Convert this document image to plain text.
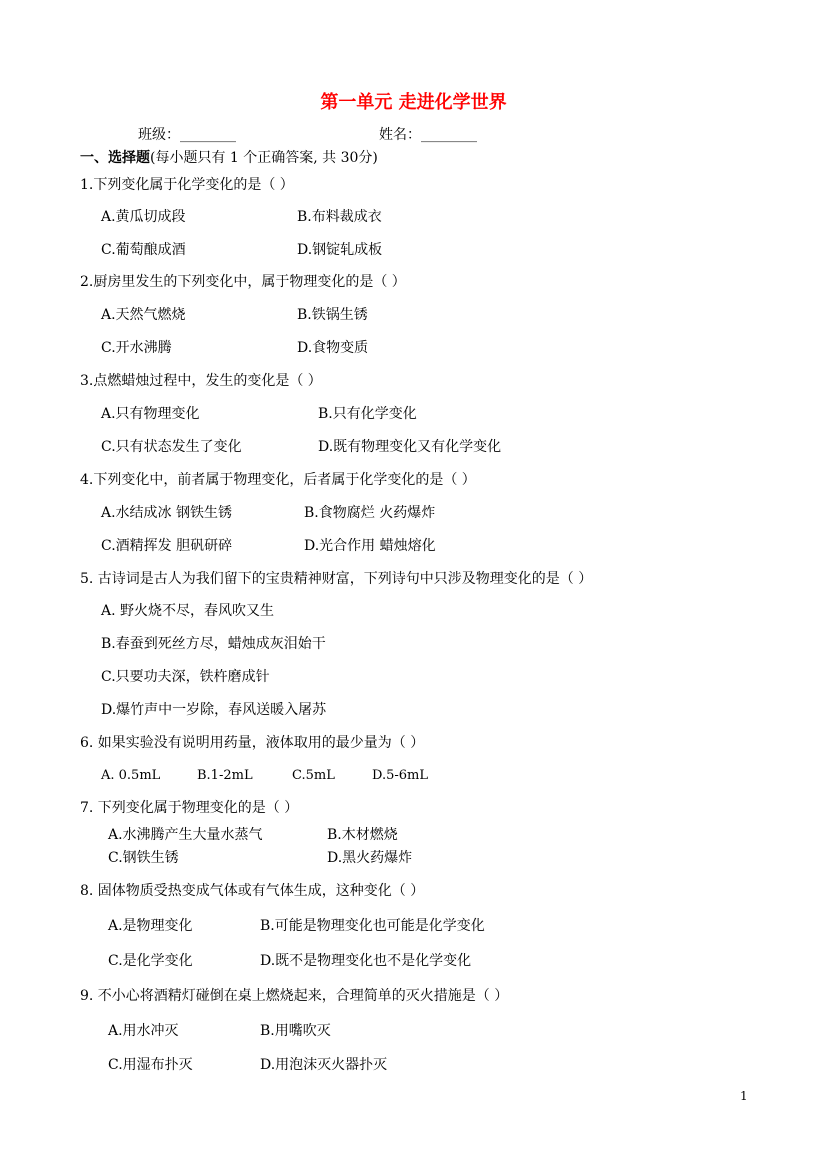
第一单元 走进化学世界
班级：________	姓名：________
一、选择题(每小题只有 1 个正确答案, 共 30分)
1.下列变化属于化学变化的是（ ）
A.黄瓜切成段	B.布料裁成衣
C.葡萄酿成酒	D.钢锭轧成板
2.厨房里发生的下列变化中，属于物理变化的是（ ）
A.天然气燃烧	B.铁锅生锈
C.开水沸腾	D.食物变质
3.点燃蜡烛过程中，发生的变化是（ ）
A.只有物理变化	B.只有化学变化
C.只有状态发生了变化	D.既有物理变化又有化学变化
4.下列变化中，前者属于物理变化，后者属于化学变化的是（ ）
A.水结成冰 钢铁生锈	B.食物腐烂 火药爆炸
C.酒精挥发 胆矾研碎	D.光合作用 蜡烛熔化
5. 古诗词是古人为我们留下的宝贵精神财富，下列诗句中只涉及物理变化的是（ ）
A. 野火烧不尽，春风吹又生
B.春蚕到死丝方尽，蜡烛成灰泪始干
C.只要功夫深，铁杵磨成针
D.爆竹声中一岁除，春风送暖入屠苏
6. 如果实验没有说明用药量，液体取用的最少量为（ ）
A. 0.5mL	B.1-2mL	C.5mL	D.5-6mL
7. 下列变化属于物理变化的是（ ）
A.水沸腾产生大量水蒸气	B.木材燃烧
C.钢铁生锈	D.黑火药爆炸
8. 固体物质受热变成气体或有气体生成，这种变化（ ）
A.是物理变化	B.可能是物理变化也可能是化学变化
C.是化学变化	D.既不是物理变化也不是化学变化
9. 不小心将酒精灯碰倒在桌上燃烧起来，合理简单的灭火措施是（ ）
A.用水冲灭	B.用嘴吹灭
C.用湿布扑灭	D.用泡沫灭火器扑灭
1
